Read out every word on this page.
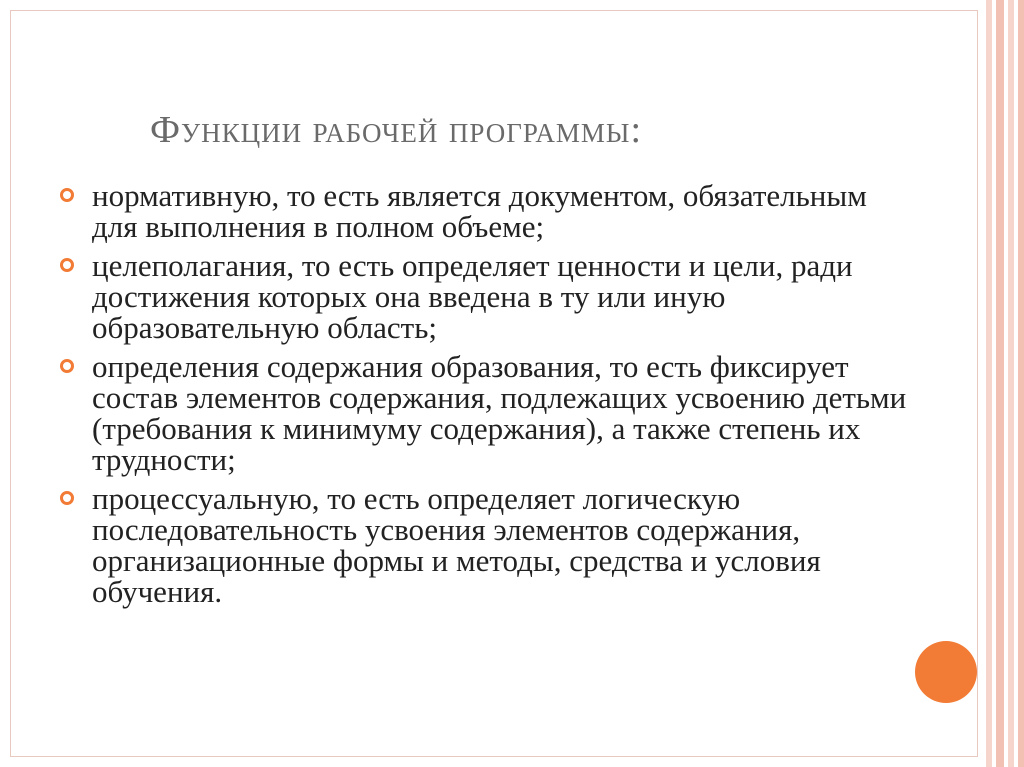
Функции рабочей программы:
нормативную, то есть является документом, обязательным для выполнения в полном объеме;
целеполагания, то есть определяет ценности и цели, ради достижения которых она введена в ту или иную образовательную область;
определения содержания образования, то есть фиксирует состав элементов содержания, подлежащих усвоению детьми (требования к минимуму содержания), а также степень их трудности;
процессуальную, то есть определяет логическую последовательность усвоения элементов содержания, организационные формы и методы, средства и условия обучения.
